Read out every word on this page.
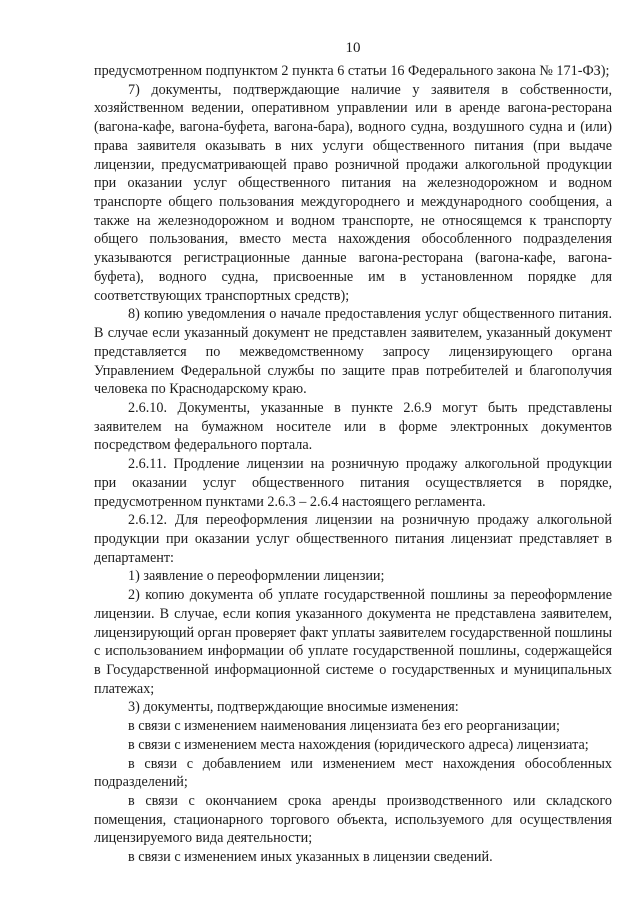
10

предусмотренном подпунктом 2 пункта 6 статьи 16 Федерального закона № 171-ФЗ);

7) документы, подтверждающие наличие у заявителя в собственности, хозяйственном ведении, оперативном управлении или в аренде вагона-ресторана (вагона-кафе, вагона-буфета, вагона-бара), водного судна, воздушного судна и (или) права заявителя оказывать в них услуги общественного питания (при выдаче лицензии, предусматривающей право розничной продажи алкогольной продукции при оказании услуг общественного питания на железнодорожном и водном транспорте общего пользования междугороднего и международного сообщения, а также на железнодорожном и водном транспорте, не относящемся к транспорту общего пользования, вместо места нахождения обособленного подразделения указываются регистрационные данные вагона-ресторана (вагона-кафе, вагона-буфета), водного судна, присвоенные им в установленном порядке для соответствующих транспортных средств);

8) копию уведомления о начале предоставления услуг общественного питания. В случае если указанный документ не представлен заявителем, указанный документ представляется по межведомственному запросу лицензирующего органа Управлением Федеральной службы по защите прав потребителей и благополучия человека по Краснодарскому краю.

2.6.10. Документы, указанные в пункте 2.6.9 могут быть представлены заявителем на бумажном носителе или в форме электронных документов посредством федерального портала.

2.6.11. Продление лицензии на розничную продажу алкогольной продукции при оказании услуг общественного питания осуществляется в порядке, предусмотренном пунктами 2.6.3 – 2.6.4 настоящего регламента.

2.6.12. Для переоформления лицензии на розничную продажу алкогольной продукции при оказании услуг общественного питания лицензиат представляет в департамент:

1) заявление о переоформлении лицензии;

2) копию документа об уплате государственной пошлины за переоформление лицензии. В случае, если копия указанного документа не представлена заявителем, лицензирующий орган проверяет факт уплаты заявителем государственной пошлины с использованием информации об уплате государственной пошлины, содержащейся в Государственной информационной системе о государственных и муниципальных платежах;

3) документы, подтверждающие вносимые изменения:

в связи с изменением наименования лицензиата без его реорганизации;

в связи с изменением места нахождения (юридического адреса) лицензиата;

в связи с добавлением или изменением мест нахождения обособленных подразделений;

в связи с окончанием срока аренды производственного или складского помещения, стационарного торгового объекта, используемого для осуществления лицензируемого вида деятельности;

в связи с изменением иных указанных в лицензии сведений.
